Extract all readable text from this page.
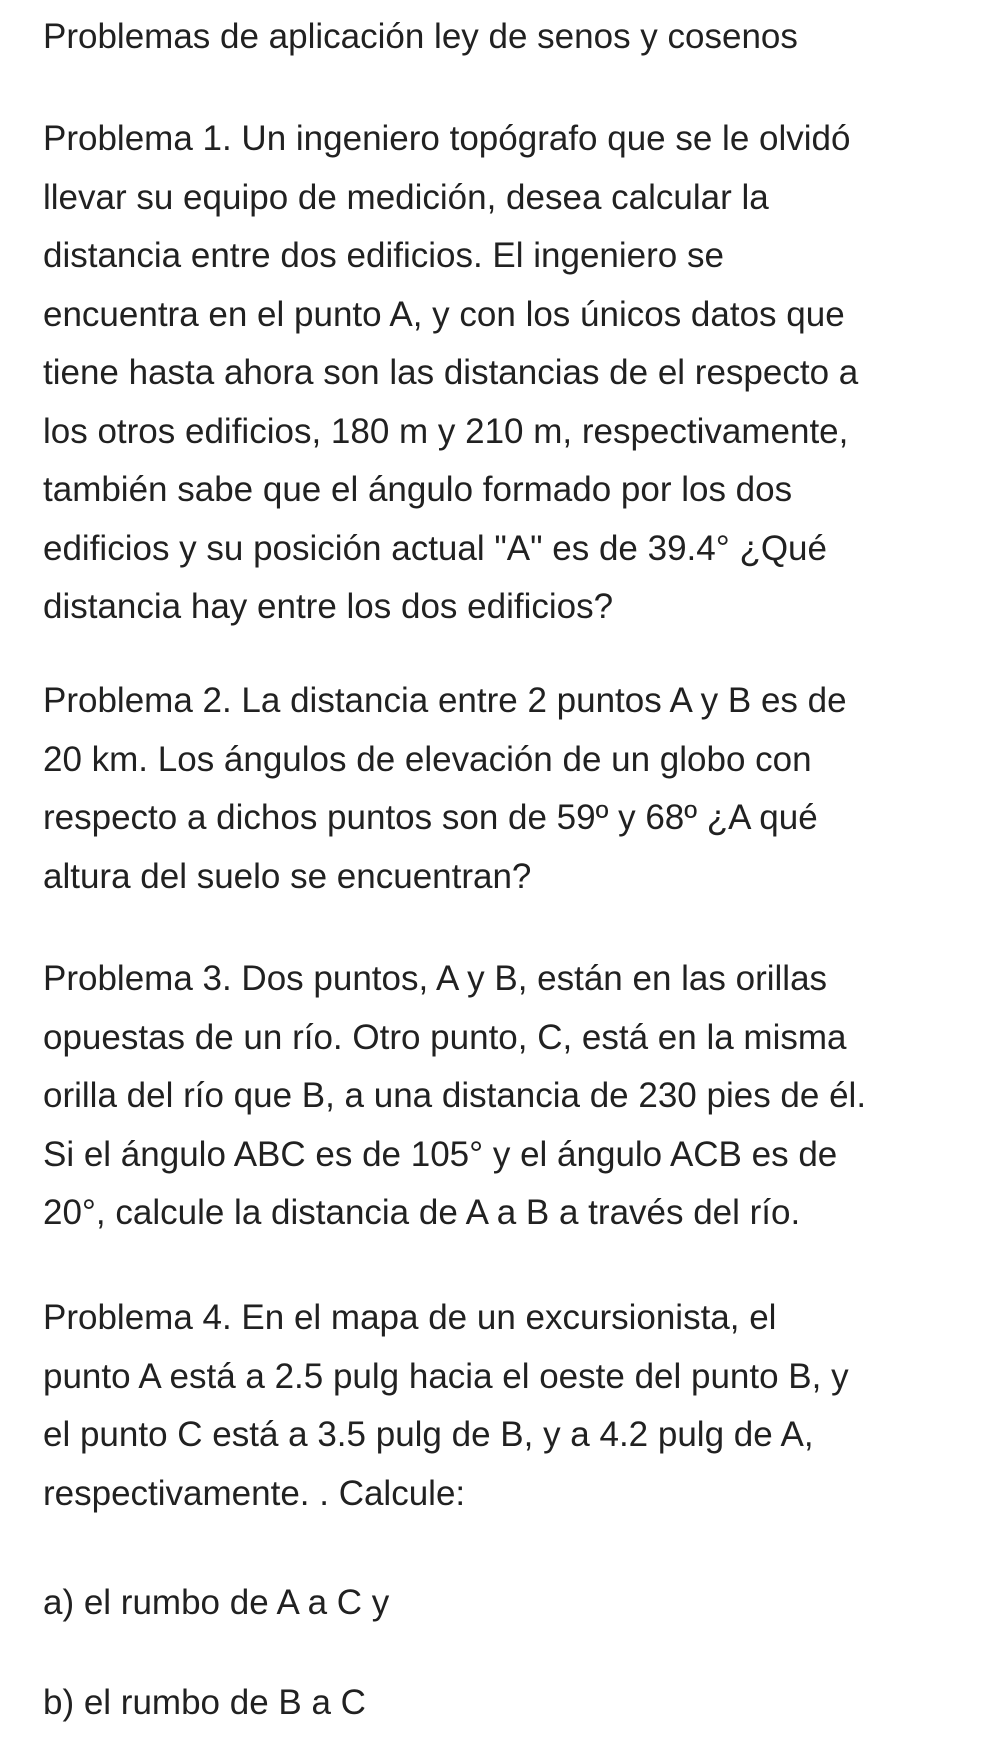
Problemas de aplicación ley de senos y cosenos

Problema 1. Un ingeniero topógrafo que se le olvidó
llevar su equipo de medición, desea calcular la
distancia entre dos edificios. El ingeniero se
encuentra en el punto A, y con los únicos datos que
tiene hasta ahora son las distancias de el respecto a
los otros edificios, 180 m y 210 m, respectivamente,
también sabe que el ángulo formado por los dos
edificios y su posición actual "A" es de 39.4° ¿Qué
distancia hay entre los dos edificios?

Problema 2. La distancia entre 2 puntos A y B es de
20 km. Los ángulos de elevación de un globo con
respecto a dichos puntos son de 59º y 68º ¿A qué
altura del suelo se encuentran?

Problema 3. Dos puntos, A y B, están en las orillas
opuestas de un río. Otro punto, C, está en la misma
orilla del río que B, a una distancia de 230 pies de él.
Si el ángulo ABC es de 105° y el ángulo ACB es de
20°, calcule la distancia de A a B a través del río.

Problema 4. En el mapa de un excursionista, el
punto A está a 2.5 pulg hacia el oeste del punto B, y
el punto C está a 3.5 pulg de B, y a 4.2 pulg de A,
respectivamente. . Calcule:

a) el rumbo de A a C y

b) el rumbo de B a C
